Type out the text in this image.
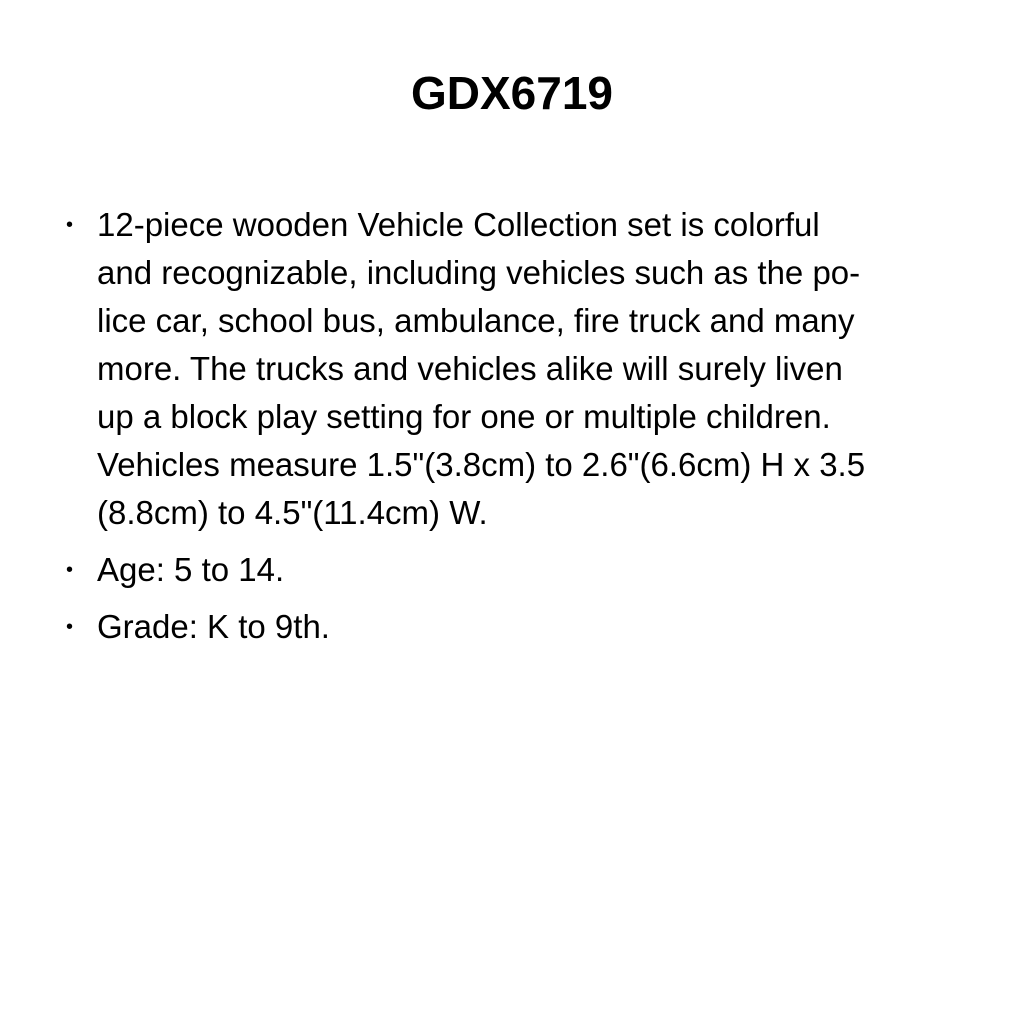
GDX6719
• 12-piece wooden Vehicle Collection set is colorful
and recognizable, including vehicles such as the po-
lice car, school bus, ambulance, fire truck and many
more. The trucks and vehicles alike will surely liven
up a block play setting for one or multiple children.
Vehicles measure 1.5"(3.8cm) to 2.6"(6.6cm) H x 3.5
(8.8cm) to 4.5"(11.4cm) W.
• Age: 5 to 14.
• Grade: K to 9th.
